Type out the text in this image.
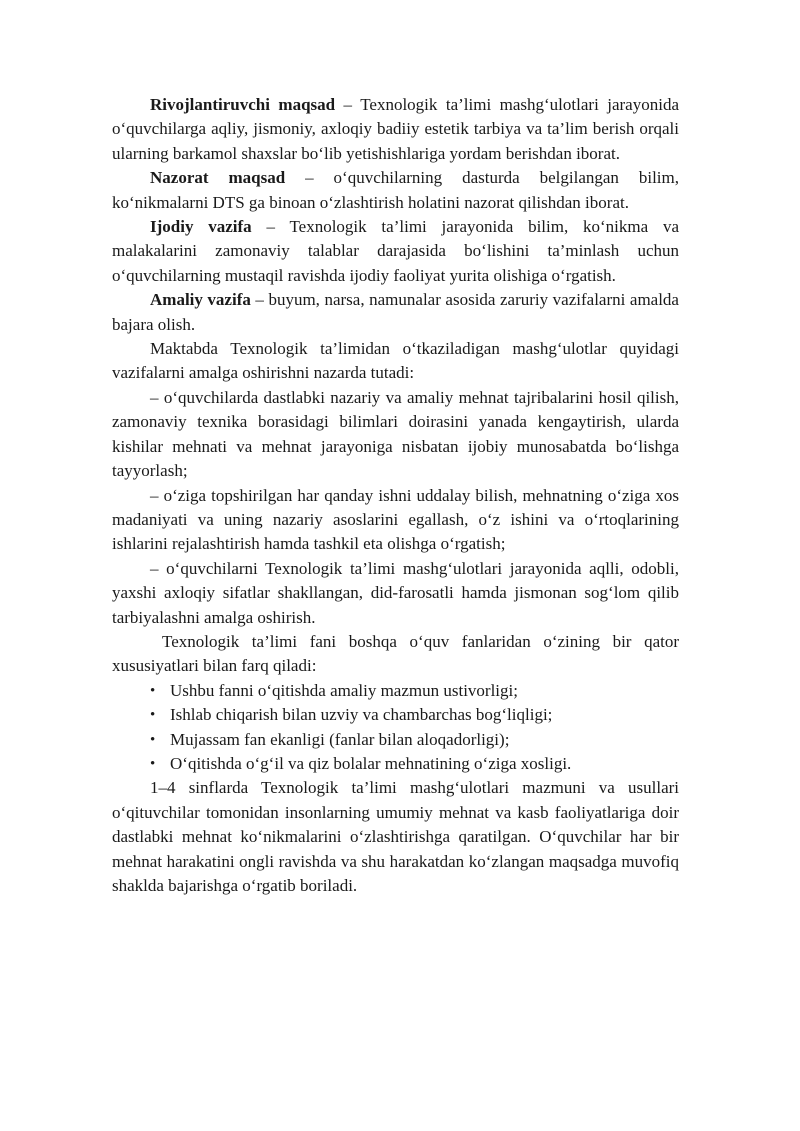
Rivojlantiruvchi maqsad – Texnologik ta’limi mashg‘ulotlari jarayonida o‘quvchilarga aqliy, jismoniy, axloqiy badiiy estetik tarbiya va ta’lim berish orqali ularning barkamol shaxslar bo‘lib yetishishlariga yordam berishdan iborat.

Nazorat maqsad – o‘quvchilarning dasturda belgilangan bilim, ko‘nikmalarni DTS ga binoan o‘zlashtirish holatini nazorat qilishdan iborat.

Ijodiy vazifa – Texnologik ta’limi jarayonida bilim, ko‘nikma va malakalarini zamonaviy talablar darajasida bo‘lishini ta’minlash uchun o‘quvchilarning mustaqil ravishda ijodiy faoliyat yurita olishiga o‘rgatish.

Amaliy vazifa – buyum, narsa, namunalar asosida zaruriy vazifalarni amalda bajara olish.

Maktabda Texnologik ta’limidan o‘tkaziladigan mashg‘ulotlar quyidagi vazifalarni amalga oshirishni nazarda tutadi:

– o‘quvchilarda dastlabki nazariy va amaliy mehnat tajribalarini hosil qilish, zamonaviy texnika borasidagi bilimlari doirasini yanada kengaytirish, ularda kishilar mehnati va mehnat jarayoniga nisbatan ijobiy munosabatda bo‘lishga tayyorlash;

– o‘ziga topshirilgan har qanday ishni uddalay bilish, mehnatning o‘ziga xos madaniyati va uning nazariy asoslarini egallash, o‘z ishini va o‘rtoqlarining ishlarini rejalashtirish hamda tashkil eta olishga o‘rgatish;

– o‘quvchilarni Texnologik ta’limi mashg‘ulotlari jarayonida aqlli, odobli, yaxshi axloqiy sifatlar shakllangan, did-farosatli hamda jismonan sog‘lom qilib tarbiyalashni amalga oshirish.

Texnologik ta’limi fani boshqa o‘quv fanlaridan o‘zining bir qator xususiyatlari bilan farq qiladi:

• Ushbu fanni o‘qitishda amaliy mazmun ustivorligi;
• Ishlab chiqarish bilan uzviy va chambarchas bog‘liqligi;
• Mujassam fan ekanligi (fanlar bilan aloqadorligi);
• O‘qitishda o‘g‘il va qiz bolalar mehnatining o‘ziga xosligi.

1–4 sinflarda Texnologik ta’limi mashg‘ulotlari mazmuni va usullari o‘qituvchilar tomonidan insonlarning umumiy mehnat va kasb faoliyatlariga doir dastlabki mehnat ko‘nikmalarini o‘zlashtirishga qaratilgan. O‘quvchilar har bir mehnat harakatini ongli ravishda va shu harakatdan ko‘zlangan maqsadga muvofiq shaklda bajarishga o‘rgatib boriladi.
